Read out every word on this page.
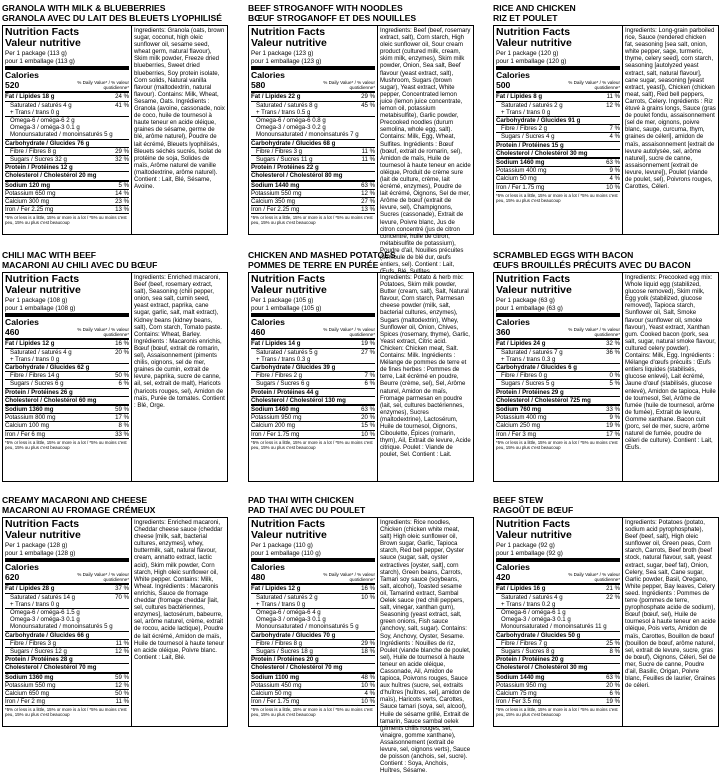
GRANOLA WITH MILK & BLUEBERRIES
GRANOLA AVEC DU LAIT DES BLEUETS LYOPHILISÉ
Nutrition Facts
Valeur nutritive
Per 1 package (113 g)
pour 1 emballage (113 g)
Calories 520	% Daily Value* / % valeur quotidienne*
Fat / Lipides 18 g	24 %
Saturated / saturés 4 g	41 %
+ Trans / trans 0 g
Omega-6 / oméga-6 2 g
Omega-3 / oméga-3 0.1 g
Monounsaturated / monoinsaturés 5 g
Carbohydrate / Glucides 76 g
Fibre / Fibres 8 g	29 %
Sugars / Sucres 32 g	32 %
Protein / Protéines 12 g
Cholesterol / Cholestérol 20 mg
Sodium 120 mg	5 %
Potassium 650 mg	14 %
Calcium 300 mg	23 %
Iron / Fer 2.25 mg	13 %
*5% or less is a little, 15% or more is a lot / *5% ou moins c'est peu, 15% ou plus c'est beaucoup
Ingredients: Granola (oats, brown sugar, coconut, high oleic sunflower oil, sesame seed, wheat germ, natural flavour), Skim milk powder, Freeze dried blueberries, Sweet dried blueberries, Soy protein isolate, Corn solids, Natural vanilla flavour (maltodextrin, natural flavour). Contains: Milk, Wheat, Sesame, Oats. Ingrédients : Granola (avoine, cassonade, noix de coco, huile de tournesol à haute teneur en acide oléique, graines de sésame, germe de blé, arôme naturel), Poudre de lait écrémé, Bleuets lyophilisés, Bleuets séchés sucrés, Isolat de protéine de soja, Solides de maïs, Arôme naturel de vanille (maltodextrine, arôme naturel). Contient : Lait, Blé, Sésame, Avoine.
BEEF STROGANOFF WITH NOODLES
BŒUF STROGANOFF ET DES NOUILLES
Nutrition Facts
Valeur nutritive
Per 1 package (123 g)
pour 1 emballage (123 g)
Calories 580	% Daily Value* / % valeur quotidienne*
Fat / Lipides 22 g	29 %
Saturated / saturés 8 g	45 %
+ Trans / trans 0.5 g
Omega-6 / oméga-6 0.8 g
Omega-3 / oméga-3 0.2 g
Monounsaturated / monoinsaturés 7 g
Carbohydrate / Glucides 68 g
Fibre / Fibres 3 g	11 %
Sugars / Sucres 11 g	11 %
Protein / Protéines 22 g
Cholesterol / Cholestérol 80 mg
Sodium 1440 mg	63 %
Potassium 550 mg	12 %
Calcium 350 mg	27 %
Iron / Fer 2.25 mg	13 %
*5% or less is a little, 15% or more is a lot / *5% ou moins c'est peu, 15% ou plus c'est beaucoup
Ingredients: Beef (beef, rosemary extract, salt), Corn starch, High oleic sunflower oil, Sour cream product (cultured milk, cream, skim milk, enzymes), Skim milk powder, Onion, Sea salt, Beef flavour (yeast extract, salt), Mushroom, Sugars (brown sugar), Yeast extract, White pepper, Concentrated lemon juice (lemon juice concentrate, lemon oil, potassium metabisulfite), Garlic powder, Precooked noodles (durum semolina, whole egg, salt). Contains: Milk, Egg, Wheat, Sulfites. Ingrédients : Bœuf (bœuf, extrait de romarin, sel), Amidon de maïs, Huile de tournesol à haute teneur en acide oléique, Produit de crème sure (lait de culture, crème, lait écrémé, enzymes), Poudre de lait écrémé, Oignons, Sel de mer, Arôme de bœuf (extrait de levure, sel), Champignons, Sucres (cassonade), Extrait de levure, Poivre blanc, Jus de citron concentré (jus de citron concentré, huile de citron, métabisulfite de potassium), Poudre d'ail, Nouilles précuites (semoule de blé dur, œufs entiers, sel). Contient : Lait, Œufs, Blé, Sulfites.
RICE AND CHICKEN
RIZ ET POULET
Nutrition Facts
Valeur nutritive
Per 1 package (120 g)
pour 1 emballage (120 g)
Calories 500	% Daily Value* / % valeur quotidienne*
Fat / Lipides 8 g	11 %
Saturated / saturés 2 g	12 %
+ Trans / trans 0 g
Carbohydrate / Glucides 91 g
Fibre / Fibres 2 g	7 %
Sugars / Sucres 4 g	4 %
Protein / Protéines 15 g
Cholesterol / Cholestérol 30 mg
Sodium 1460 mg	63 %
Potassium 400 mg	9 %
Calcium 50 mg	4 %
Iron / Fer 1.75 mg	10 %
*5% or less is a little, 15% or more is a lot / *5% ou moins c'est peu, 15% ou plus c'est beaucoup
Ingredients: Long-grain parboiled rice, Sauce (rendered chicken fat, seasoning [sea salt, onion, white pepper, sage, turmeric, thyme, celery seed], corn starch, seasoning [autolyzed yeast extract, salt, natural flavour], cane sugar, seasoning [yeast extract, yeast]), Chicken (chicken meat, salt), Red bell peppers, Carrots, Celery. Ingrédients : Riz étuvé à grains longs, Sauce (gras de poulet fondu, assaisonnement [sel de mer, oignons, poivre blanc, sauge, curcuma, thym, graines de céleri], amidon de maïs, assaisonnement [extrait de levure autolysée, sel, arôme naturel], sucre de canne, assaisonnement [extrait de levure, levure]), Poulet (viande de poulet, sel), Poivrons rouges, Carottes, Céleri.
CHILI MAC WITH BEEF
MACARONI AU CHILI AVEC DU BŒUF
Nutrition Facts
Valeur nutritive
Per 1 package (108 g)
pour 1 emballage (108 g)
Calories 460	% Daily Value* / % valeur quotidienne*
Fat / Lipides 12 g	16 %
Saturated / saturés 4 g	20 %
+ Trans / trans 0 g
Carbohydrate / Glucides 62 g
Fibre / Fibres 14 g	50 %
Sugars / Sucres 6 g	6 %
Protein / Protéines 26 g
Cholesterol / Cholestérol 60 mg
Sodium 1360 mg	59 %
Potassium 800 mg	17 %
Calcium 100 mg	8 %
Iron / Fer 6 mg	33 %
*5% or less is a little, 15% or more is a lot / *5% ou moins c'est peu, 15% ou plus c'est beaucoup
Ingredients: Enriched macaroni, Beef (beef, rosemary extract, salt), Seasoning (chili pepper, onion, sea salt, cumin seed, yeast extract, paprika, cane sugar, garlic, salt, malt extract), Kidney beans (kidney beans, salt), Corn starch, Tomato paste. Contains: Wheat, Barley. Ingrédients : Macaronis enrichis, Bœuf (bœuf, extrait de romarin, sel), Assaisonnement (piments chilis, oignons, sel de mer, graines de cumin, extrait de levure, paprika, sucre de canne, ail, sel, extrait de malt), Haricots (haricots rouges, sel), Amidon de maïs, Purée de tomates. Contient : Blé, Orge.
CHICKEN AND MASHED POTATOES
POMMES DE TERRE EN PURÉE
Nutrition Facts
Valeur nutritive
Per 1 package (105 g)
pour 1 emballage (105 g)
Calories 460	% Daily Value* / % valeur quotidienne*
Fat / Lipides 14 g	19 %
Saturated / saturés 5 g	27 %
+ Trans / trans 0.3 g
Carbohydrate / Glucides 39 g
Fibre / Fibres 2 g	7 %
Sugars / Sucres 6 g	6 %
Protein / Protéines 44 g
Cholesterol / Cholestérol 130 mg
Sodium 1460 mg	63 %
Potassium 950 mg	20 %
Calcium 200 mg	15 %
Iron / Fer 1.75 mg	10 %
*5% or less is a little, 15% or more is a lot / *5% ou moins c'est peu, 15% ou plus c'est beaucoup
Ingredients: Potato & herb mix: Potatoes, Skim milk powder, Butter (cream, salt), Salt, Natural flavour, Corn starch, Parmesan cheese powder (milk, salt, bacterial cultures, enzymes), Sugars (maltodextrin), Whey, Sunflower oil, Onion, Chives, Spices (rosemary, thyme), Garlic, Yeast extract, Citric acid. Chicken: Chicken meat, Salt. Contains: Milk. Ingrédients : Mélange de pommes de terre et de fines herbes : Pommes de terre, Lait écrémé en poudre, Beurre (crème, sel), Sel, Arôme naturel, Amidon de maïs, Fromage parmesan en poudre (lait, sel, cultures bactériennes, enzymes), Sucres (maltodextrine), Lactosérum, Huile de tournesol, Oignons, Ciboulette, Épices (romarin, thym), Ail, Extrait de levure, Acide citrique. Poulet : Viande de poulet, Sel. Contient : Lait.
SCRAMBLED EGGS WITH BACON
ŒUFS BROUILLÉS PRÉCUITS AVEC DU BACON
Nutrition Facts
Valeur nutritive
Per 1 package (63 g)
pour 1 emballage (63 g)
Calories 360	% Daily Value* / % valeur quotidienne*
Fat / Lipides 24 g	32 %
Saturated / saturés 7 g	36 %
+ Trans / trans 0.3 g
Carbohydrate / Glucides 6 g
Fibre / Fibres 0 g	0 %
Sugars / Sucres 5 g	5 %
Protein / Protéines 29 g
Cholesterol / Cholestérol 725 mg
Sodium 760 mg	33 %
Potassium 400 mg	9 %
Calcium 250 mg	19 %
Iron / Fer 3 mg	17 %
*5% or less is a little, 15% or more is a lot / *5% ou moins c'est peu, 15% ou plus c'est beaucoup
Ingredients: Precooked egg mix: Whole liquid egg (stabilized, glucose removed), Skim milk, Egg yolk (stabilized, glucose removed), Tapioca starch, Sunflower oil, Salt, Smoke flavour (sunflower oil, smoke flavour), Yeast extract, Xanthan gum. Cooked bacon (pork, sea salt, sugar, natural smoke flavour, cultured celery powder). Contains: Milk, Egg. Ingrédients : Mélange d'œufs précuits : Œufs entiers liquides (stabilisés, glucose enlevé), Lait écrémé, Jaune d'œuf (stabilisés, glucose enlevé), Amidon de tapioca, Huile de tournesol, Sel, Arôme de fumée (huile de tournesol, arôme de fumée), Extrait de levure, Gomme xanthane. Bacon cuit (porc, sel de mer, sucre, arôme naturel de fumée, poudre de céleri de culture). Contient : Lait, Œufs.
CREAMY MACARONI AND CHEESE
MACARONI AU FROMAGE CRÉMEUX
Nutrition Facts
Valeur nutritive
Per 1 package (128 g)
pour 1 emballage (128 g)
Calories 620	% Daily Value* / % valeur quotidienne*
Fat / Lipides 28 g	37 %
Saturated / saturés 14 g	70 %
+ Trans / trans 0 g
Omega-6 / oméga-6 1.5 g
Omega-3 / oméga-3 0.1 g
Monounsaturated / monoinsaturés 5 g
Carbohydrate / Glucides 66 g
Fibre / Fibres 3 g	11 %
Sugars / Sucres 12 g	12 %
Protein / Protéines 28 g
Cholesterol / Cholestérol 70 mg
Sodium 1360 mg	59 %
Potassium 550 mg	12 %
Calcium 650 mg	50 %
Iron / Fer 2 mg	11 %
*5% or less is a little, 15% or more is a lot / *5% ou moins c'est peu, 15% ou plus c'est beaucoup
Ingredients: Enriched macaroni, Cheddar cheese sauce (cheddar cheese [milk, salt, bacterial cultures, enzymes], whey, buttermilk, salt, natural flavour, cream, annatto extract, lactic acid), Skim milk powder, Corn starch, High oleic sunflower oil, White pepper. Contains: Milk, Wheat. Ingrédients : Macaronis enrichis, Sauce de fromage cheddar (fromage cheddar [lait, sel, cultures bactériennes, enzymes], lactosérum, babeurre, sel, arôme naturel, crème, extrait de rocou, acide lactique), Poudre de lait écrémé, Amidon de maïs, Huile de tournesol à haute teneur en acide oléique, Poivre blanc. Contient : Lait, Blé.
PAD THAI WITH CHICKEN
PAD THAÏ AVEC DU POULET
Nutrition Facts
Valeur nutritive
Per 1 package (110 g)
pour 1 emballage (110 g)
Calories 480	% Daily Value* / % valeur quotidienne*
Fat / Lipides 12 g	16 %
Saturated / saturés 2 g	10 %
+ Trans / trans 0 g
Omega-6 / oméga-6 4 g
Omega-3 / oméga-3 0.1 g
Monounsaturated / monoinsaturés 5 g
Carbohydrate / Glucides 70 g
Fibre / Fibres 8 g	29 %
Sugars / Sucres 18 g	18 %
Protein / Protéines 20 g
Cholesterol / Cholestérol 70 mg
Sodium 1100 mg	48 %
Potassium 450 mg	10 %
Calcium 50 mg	4 %
Iron / Fer 1.75 mg	10 %
*5% or less is a little, 15% or more is a lot / *5% ou moins c'est peu, 15% ou plus c'est beaucoup
Ingredients: Rice noodles, Chicken (chicken white meat, salt) High oleic sunflower oil, Brown sugar, Garlic, Tapioca starch, Red bell pepper, Oyster sauce (sugar, salt, oyster extractives [oyster, salt], corn starch), Green beans, Carrots, Tamari soy sauce (soybeans, salt, alcohol), Toasted sesame oil, Tamarind extract, Sambal Oelek sauce (red chili peppers, salt, vinegar, xanthan gum), Seasoning (yeast extract, salt, green onions, Fish sauce (anchovy, salt, sugar). Contains: Soy, Anchovy, Oyster, Sesame. Ingrédients : Nouilles de riz, Poulet (viande blanche de poulet, sel), Huile de tournesol à haute teneur en acide oléique, Cassonade, Ail, Amidon de tapioca, Poivrons rouges, Sauce aux huîtres (sucre, sel, extraits d'huîtres [huîtres, sel], amidon de maïs), Haricots verts, Carottes, Sauce tamari (soya, sel, alcool), Huile de sésame grillé, Extrait de tamarin, Sauce sambal oelek (piments chilis rouges, sel, vinaigre, gomme xanthane), Assaisonnement (extrait de levure, sel, oignons verts), Sauce de poisson (anchois, sel, sucre). Contient : Soya, Anchois, Huîtres, Sésame.
BEEF STEW
RAGOÛT DE BŒUF
Nutrition Facts
Valeur nutritive
Per 1 package (92 g)
pour 1 emballage (92 g)
Calories 420	% Daily Value* / % valeur quotidienne*
Fat / Lipides 16 g	21 %
Saturated / saturés 4 g	22 %
+ Trans / trans 0.2 g
Omega-6 / oméga-6 1 g
Omega-3 / oméga-3 0.1 g
Monounsaturated / monoinsaturés 11 g
Carbohydrate / Glucides 50 g
Fibre / Fibres 7 g	25 %
Sugars / Sucres 8 g	8 %
Protein / Protéines 20 g
Cholesterol / Cholestérol 30 mg
Sodium 1440 mg	63 %
Potassium 950 mg	20 %
Calcium 75 mg	6 %
Iron / Fer 3.5 mg	19 %
*5% or less is a little, 15% or more is a lot / *5% ou moins c'est peu, 15% ou plus c'est beaucoup
Ingredients: Potatoes (potato, sodium acid pyrophosphate), Beef (beef, salt), High oleic sunflower oil, Green peas, Corn starch, Carrots, Beef broth (beef stock, natural flavour, salt, yeast extract, sugar, beef fat), Onion, Celery, Sea salt, Cane sugar, Garlic powder, Basil, Oregano, White pepper, Bay leaves, Celery seed. Ingrédients : Pommes de terre (pommes de terre, pyrophosphate acide de sodium), Bœuf (bœuf, sel), Huile de tournesol à haute teneur en acide oléique, Pois verts, Amidon de maïs, Carottes, Bouillon de bœuf (bouillon de bœuf, arôme naturel, sel, extrait de levure, sucre, gras de bœuf), Oignons, Céleri, Sel de mer, Sucre de canne, Poudre d'ail, Basilic, Origan, Poivre blanc, Feuilles de laurier, Graines de céleri.
